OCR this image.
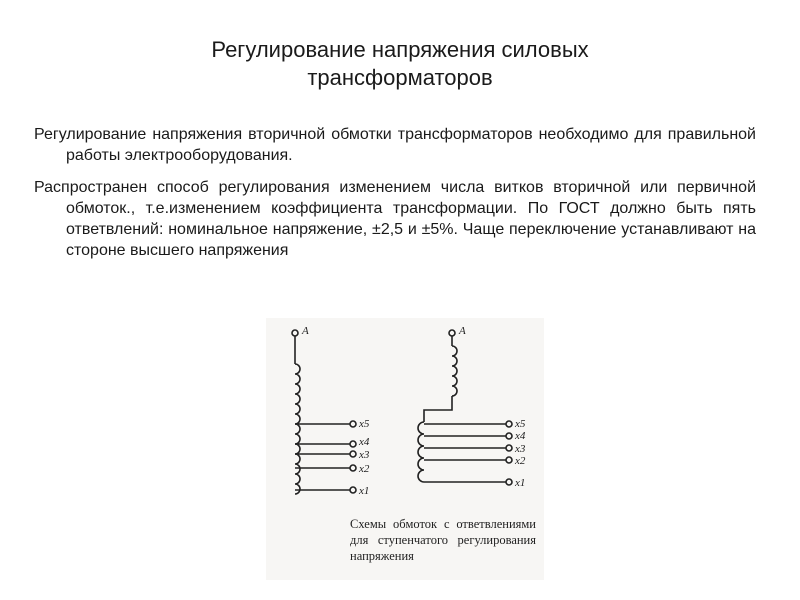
Регулирование напряжения силовых трансформаторов

Регулирование напряжения вторичной обмотки трансформаторов необходимо для правильной работы электрооборудования.

Распространен способ регулирования изменением числа витков вторичной или первичной обмоток., т.е.изменением коэффициента трансформации. По ГОСТ должно быть пять ответвлений: номинальное напряжение, ±2,5 и ±5%. Чаще переключение устанавливают на стороне высшего напряжения

A
x5
x4
x3
x2
x1
A
x5
x4
x3
x2
x1
Схемы обмоток с ответвлениями для ступенчатого регулирования напряжения
